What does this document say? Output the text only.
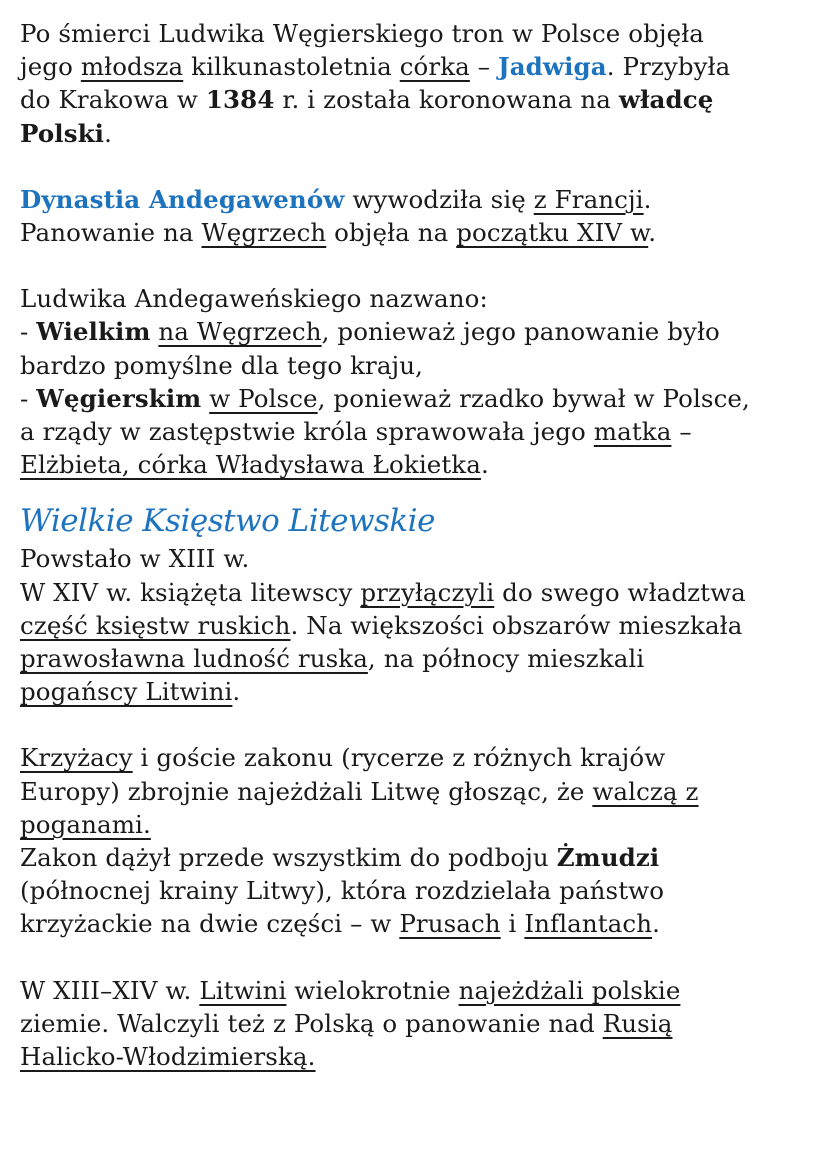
Po śmierci Ludwika Węgierskiego tron w Polsce objęła
jego młodsza kilkunastoletnia córka – Jadwiga. Przybyła
do Krakowa w 1384 r. i została koronowana na władcę
Polski.
Dynastia Andegawenów wywodziła się z Francji.
Panowanie na Węgrzech objęła na początku XIV w.
Ludwika Andegaweńskiego nazwano:
- Wielkim na Węgrzech, ponieważ jego panowanie było
bardzo pomyślne dla tego kraju,
- Węgierskim w Polsce, ponieważ rzadko bywał w Polsce,
a rządy w zastępstwie króla sprawowała jego matka –
Elżbieta, córka Władysława Łokietka.
Wielkie Księstwo Litewskie
Powstało w XIII w.
W XIV w. książęta litewscy przyłączyli do swego władztwa
część księstw ruskich. Na większości obszarów mieszkała
prawosławna ludność ruska, na północy mieszkali
pogańscy Litwini.
Krzyżacy i goście zakonu (rycerze z różnych krajów
Europy) zbrojnie najeżdżali Litwę głosząc, że walczą z
poganami.
Zakon dążył przede wszystkim do podboju Żmudzi
(północnej krainy Litwy), która rozdzielała państwo
krzyżackie na dwie części – w Prusach i Inflantach.
W XIII–XIV w. Litwini wielokrotnie najeżdżali polskie
ziemie. Walczyli też z Polską o panowanie nad Rusią
Halicko-Włodzimierską.
